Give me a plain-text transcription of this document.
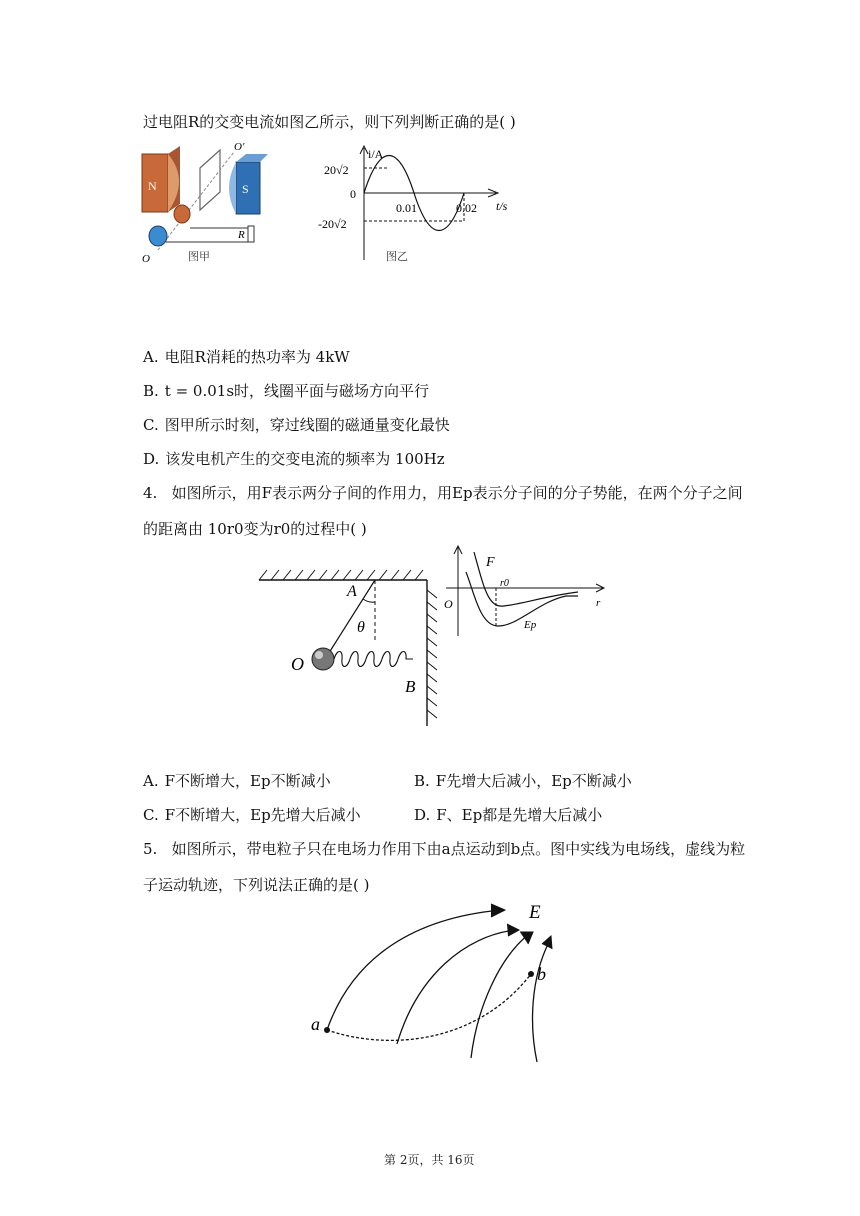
过电阻R的交变电流如图乙所示，则下列判断正确的是( )
N	S
O'
R
O	图甲
i/A
t/s
20√2
-20√2
0
0.01	0.02
图乙
A. 电阻R消耗的热功率为 4kW
B. t = 0.01s时，线圈平面与磁场方向平行
C. 图甲所示时刻，穿过线圈的磁通量变化最快
D. 该发电机产生的交变电流的频率为 100Hz
4. 如图所示，用F表示两分子间的作用力，用Ep表示分子间的分子势能，在两个分子之间
的距离由 10r0变为r0的过程中( )
A
θ
O
B
F
r0
O	r
Ep
A. F不断增大，Ep不断减小	B. F先增大后减小，Ep不断减小
C. F不断增大，Ep先增大后减小	D. F、Ep都是先增大后减小
5. 如图所示，带电粒子只在电场力作用下由a点运动到b点。图中实线为电场线，虚线为粒
子运动轨迹，下列说法正确的是( )
E
a
b
第 2页，共 16页
